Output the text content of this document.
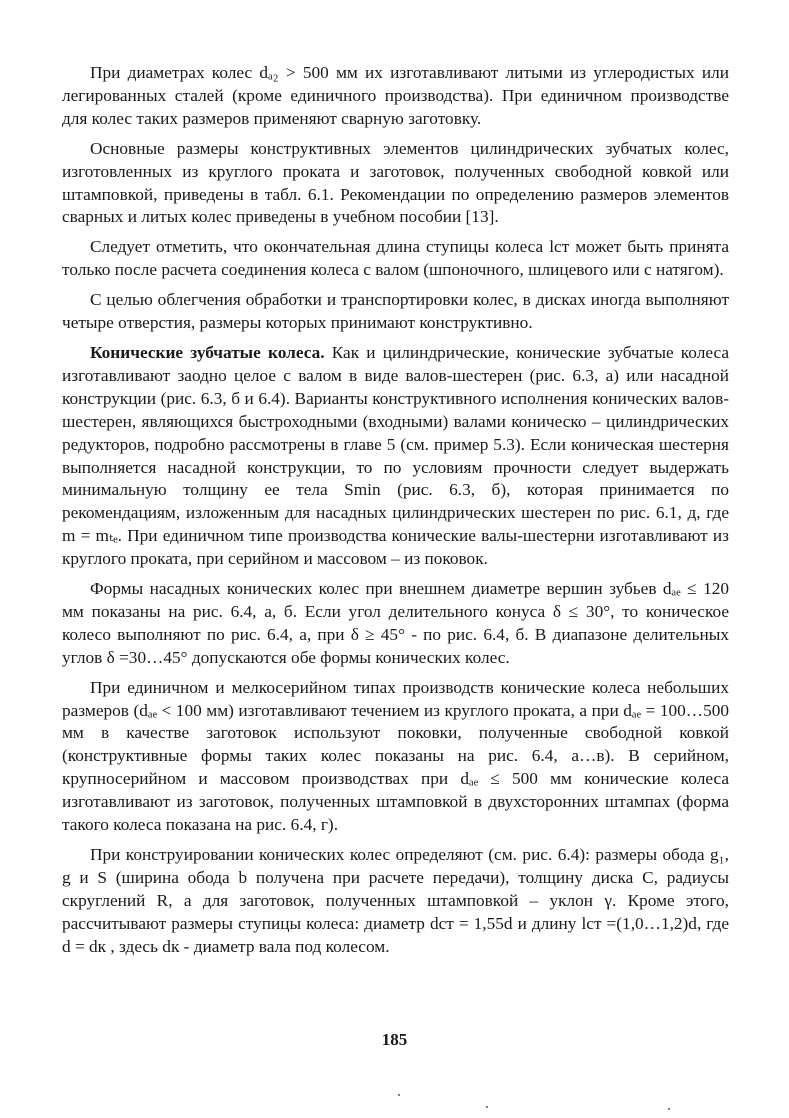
При диаметрах колес dₐ₂ > 500 мм их изготавливают литыми из углеродистых или легированных сталей (кроме единичного производства). При единичном производстве для колес таких размеров применяют сварную заготовку.

Основные размеры конструктивных элементов цилиндрических зубчатых колес, изготовленных из круглого проката и заготовок, полученных свободной ковкой или штамповкой, приведены в табл. 6.1. Рекомендации по определению размеров элементов сварных и литых колес приведены в учебном пособии [13].

Следует отметить, что окончательная длина ступицы колеса lст может быть принята только после расчета соединения колеса с валом (шпоночного, шлицевого или с натягом).

С целью облегчения обработки и транспортировки колес, в дисках иногда выполняют четыре отверстия, размеры которых принимают конструктивно.

Конические зубчатые колеса. Как и цилиндрические, конические зубчатые колеса изготавливают заодно целое с валом в виде валов-шестерен (рис. 6.3, а) или насадной конструкции (рис. 6.3, б и 6.4). Варианты конструктивного исполнения конических валов-шестерен, являющихся быстроходными (входными) валами коническо – цилиндрических редукторов, подробно рассмотрены в главе 5 (см. пример 5.3). Если коническая шестерня выполняется насадной конструкции, то по условиям прочности следует выдержать минимальную толщину ее тела Smin (рис. 6.3, б), которая принимается по рекомендациям, изложенным для насадных цилиндрических шестерен по рис. 6.1, д, где m = mₜₑ. При единичном типе производства конические валы-шестерни изготавливают из круглого проката, при серийном и массовом – из поковок.

Формы насадных конических колес при внешнем диаметре вершин зубьев dₐₑ ≤ 120 мм показаны на рис. 6.4, а, б. Если угол делительного конуса δ ≤ 30°, то коническое колесо выполняют по рис. 6.4, а, при δ ≥ 45° - по рис. 6.4, б. В диапазоне делительных углов δ =30…45° допускаются обе формы конических колес.

При единичном и мелкосерийном типах производств конические колеса небольших размеров (dₐₑ < 100 мм) изготавливают течением из круглого проката, а при dₐₑ = 100…500 мм в качестве заготовок используют поковки, полученные свободной ковкой (конструктивные формы таких колес показаны на рис. 6.4, а…в). В серийном, крупносерийном и массовом производствах при dₐₑ ≤ 500 мм конические колеса изготавливают из заготовок, полученных штамповкой в двухсторонних штампах (форма такого колеса показана на рис. 6.4, г).

При конструировании конических колес определяют (см. рис. 6.4): размеры обода g₁, g и S (ширина обода b получена при расчете передачи), толщину диска C, радиусы скруглений R, а для заготовок, полученных штамповкой – уклон γ. Кроме этого, рассчитывают размеры ступицы колеса: диаметр dст = 1,55d и длину lст =(1,0…1,2)d, где d = dк , здесь dк - диаметр вала под колесом.

185
